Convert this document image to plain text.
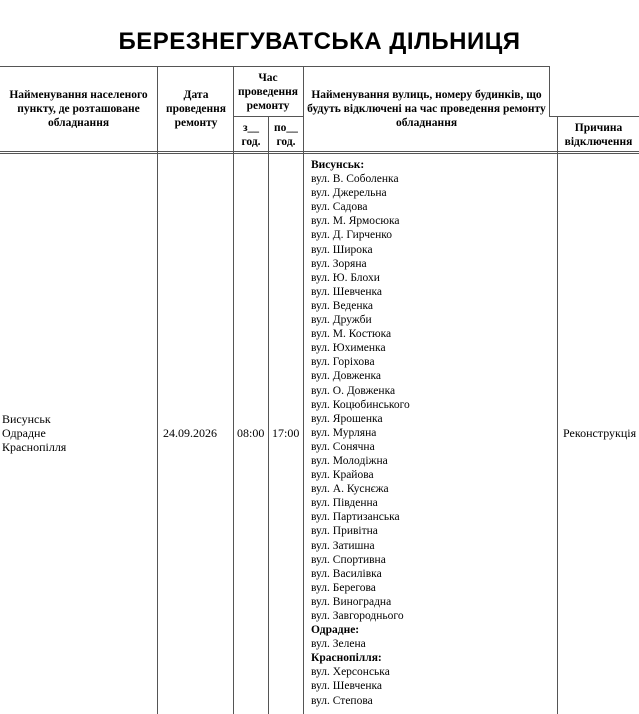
БЕРЕЗНЕГУВАТСЬКА ДІЛЬНИЦЯ
Найменування населеного пункту, де розташоване обладнання
Дата проведення ремонту
Час проведення ремонту
з__ год.
по__ год.
Найменування вулиць, номеру будинків, що будуть відключені на час проведення ремонту обладнання	Причина відключення
Висунськ
Одрадне
Краснопілля
24.09.2026 08:00 17:00	Реконструкція
Висунськ:
вул. В. Соболенка
вул. Джерельна
вул. Садова
вул. М. Ярмосюка
вул. Д. Гирченко
вул. Широка
вул. Зоряна
вул. Ю. Блохи
вул. Шевченка
вул. Веденка
вул. Дружби
вул. М. Костюка
вул. Юхименка
вул. Горіхова
вул. Довженка
вул. О. Довженка
вул. Коцюбинського
вул. Ярошенка
вул. Мурляна
вул. Сонячна
вул. Молодіжна
вул. Крайова
вул. А. Куснєжа
вул. Південна
вул. Партизанська
вул. Привітна
вул. Затишна
вул. Спортивна
вул. Василівка
вул. Берегова
вул. Виноградна
вул. Завгороднього
Одрадне:
вул. Зелена
Краснопілля:
вул. Херсонська
вул. Шевченка
вул. Степова
